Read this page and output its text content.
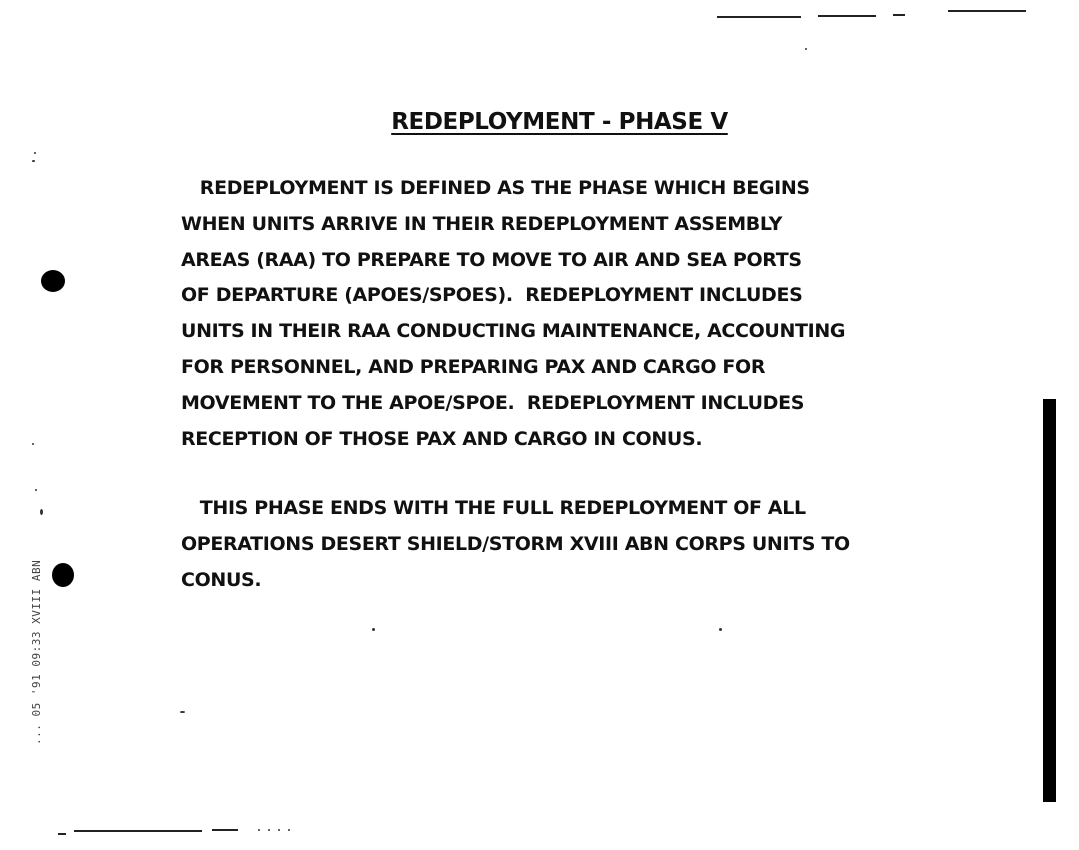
REDEPLOYMENT - PHASE V
REDEPLOYMENT IS DEFINED AS THE PHASE WHICH BEGINS
WHEN UNITS ARRIVE IN THEIR REDEPLOYMENT ASSEMBLY
AREAS (RAA) TO PREPARE TO MOVE TO AIR AND SEA PORTS
OF DEPARTURE (APOES/SPOES).  REDEPLOYMENT INCLUDES
UNITS IN THEIR RAA CONDUCTING MAINTENANCE, ACCOUNTING
FOR PERSONNEL, AND PREPARING PAX AND CARGO FOR
MOVEMENT TO THE APOE/SPOE.  REDEPLOYMENT INCLUDES
RECEPTION OF THOSE PAX AND CARGO IN CONUS.
THIS PHASE ENDS WITH THE FULL REDEPLOYMENT OF ALL
OPERATIONS DESERT SHIELD/STORM XVIII ABN CORPS UNITS TO
CONUS.
... 05 '91 09:33 XVIII ABN
